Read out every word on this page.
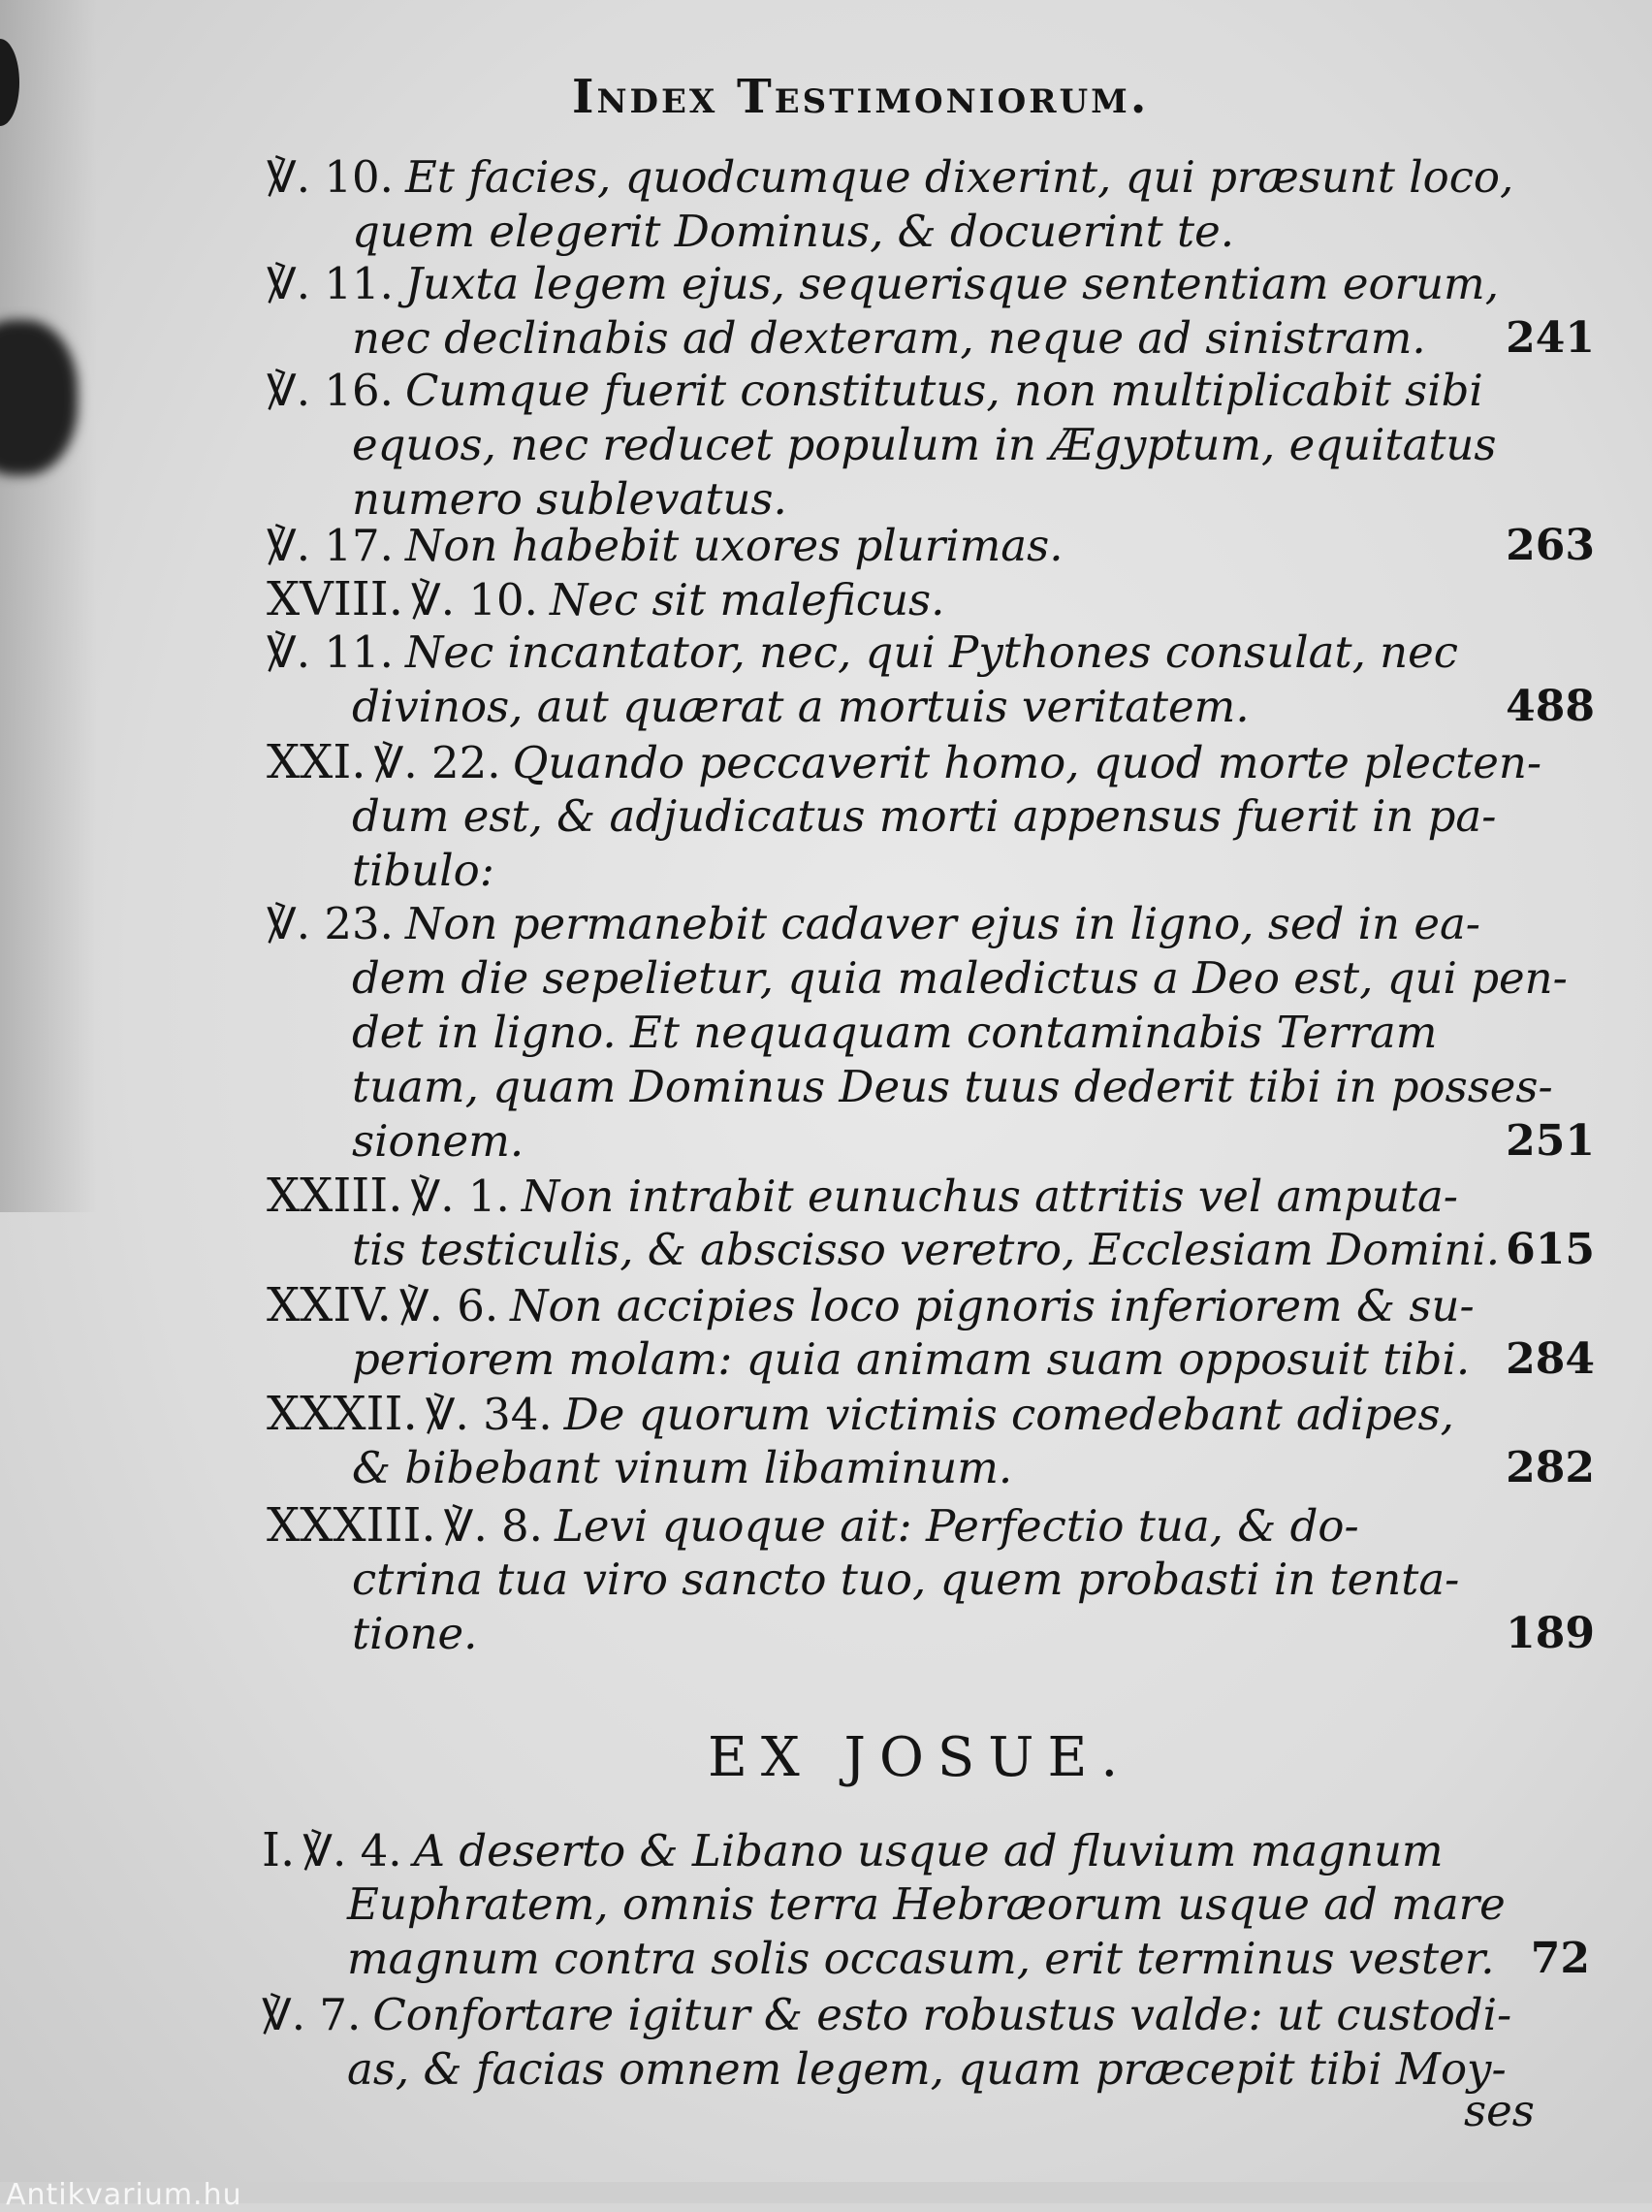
Index Testimoniorum.
℣. 10. Et facies, quodcumque dixerint, qui præsunt loco,
quem elegerit Dominus, & docuerint te.
℣. 11. Juxta legem ejus, sequerisque sententiam eorum,
nec declinabis ad dexteram, neque ad sinistram.	241
℣. 16. Cumque fuerit constitutus, non multiplicabit sibi
equos, nec reducet populum in Ægyptum, equitatus
numero sublevatus.
℣. 17. Non habebit uxores plurimas.	263
XVIII. ℣. 10. Nec sit maleficus.
℣. 11. Nec incantator, nec, qui Pythones consulat, nec
divinos, aut quærat a mortuis veritatem.	488
XXI. ℣. 22. Quando peccaverit homo, quod morte plecten-
dum est, & adjudicatus morti appensus fuerit in pa-
tibulo:
℣. 23. Non permanebit cadaver ejus in ligno, sed in ea-
dem die sepelietur, quia maledictus a Deo est, qui pen-
det in ligno. Et nequaquam contaminabis Terram
tuam, quam Dominus Deus tuus dederit tibi in posses-
sionem.	251
XXIII. ℣. 1. Non intrabit eunuchus attritis vel amputa-
tis testiculis, & abscisso veretro, Ecclesiam Domini. 615
XXIV. ℣. 6. Non accipies loco pignoris inferiorem & su-
periorem molam: quia animam suam opposuit tibi. 284
XXXII. ℣. 34. De quorum victimis comedebant adipes,
& bibebant vinum libaminum.	282
XXXIII. ℣. 8. Levi quoque ait: Perfectio tua, & do-
ctrina tua viro sancto tuo, quem probasti in tenta-
tione.	189
EX JOSUE.
I. ℣. 4. A deserto & Libano usque ad fluvium magnum
Euphratem, omnis terra Hebræorum usque ad mare
magnum contra solis occasum, erit terminus vester. 72
℣. 7. Confortare igitur & esto robustus valde: ut custodi-
as, & facias omnem legem, quam præcepit tibi Moy-
ses
Antikvarium.hu
